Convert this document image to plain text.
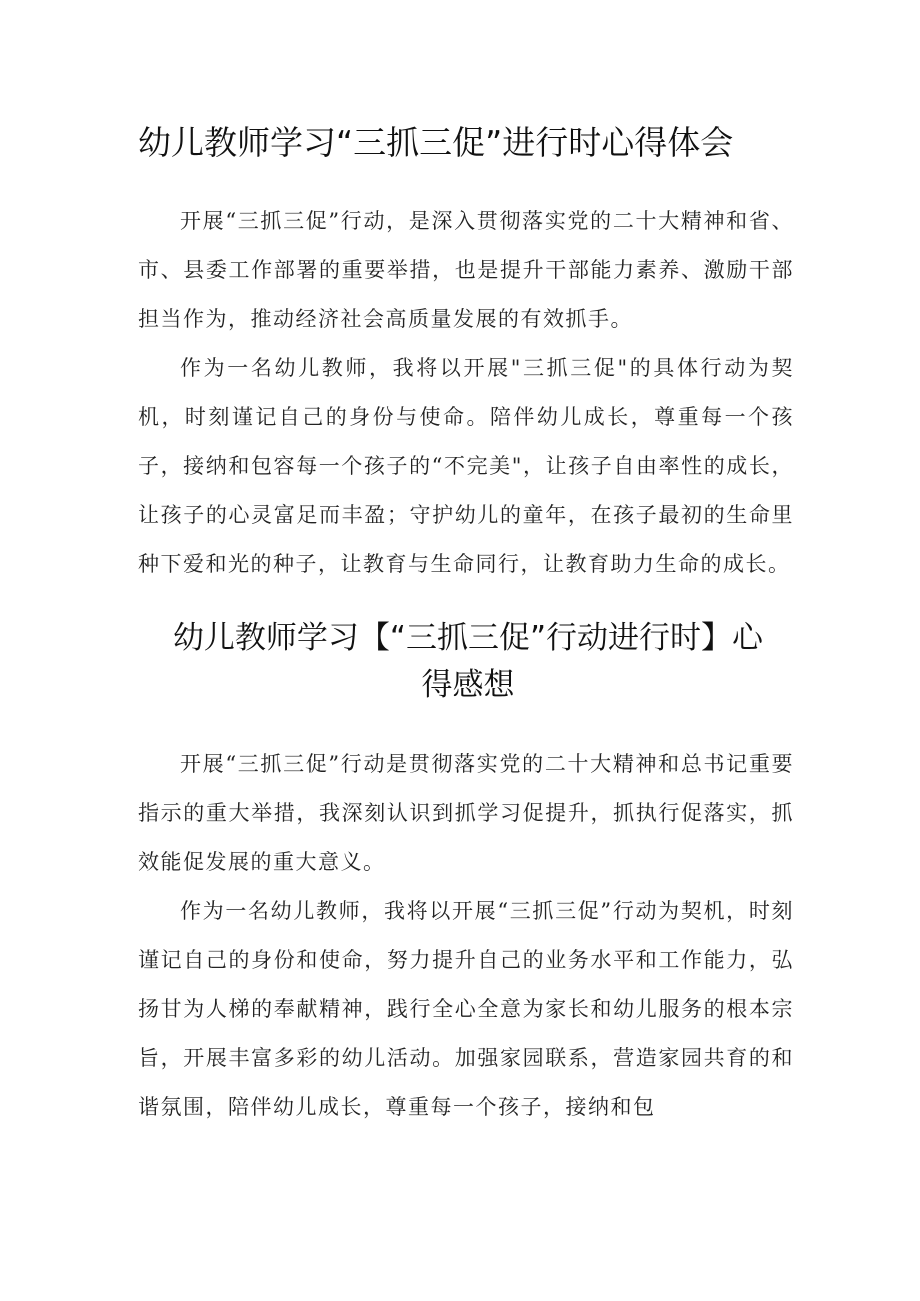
幼儿教师学习“三抓三促”进行时心得体会

开展“三抓三促”行动，是深入贯彻落实党的二十大精神和省、市、县委工作部署的重要举措，也是提升干部能力素养、激励干部担当作为，推动经济社会高质量发展的有效抓手。

作为一名幼儿教师，我将以开展"三抓三促"的具体行动为契机，时刻谨记自己的身份与使命。陪伴幼儿成长，尊重每一个孩子，接纳和包容每一个孩子的“不完美"，让孩子自由率性的成长，让孩子的心灵富足而丰盈；守护幼儿的童年，在孩子最初的生命里种下爱和光的种子，让教育与生命同行，让教育助力生命的成长。

幼儿教师学习【“三抓三促”行动进行时】心
得感想

开展“三抓三促”行动是贯彻落实党的二十大精神和总书记重要指示的重大举措，我深刻认识到抓学习促提升，抓执行促落实，抓效能促发展的重大意义。

作为一名幼儿教师，我将以开展“三抓三促”行动为契机，时刻谨记自己的身份和使命，努力提升自己的业务水平和工作能力，弘扬甘为人梯的奉献精神，践行全心全意为家长和幼儿服务的根本宗旨，开展丰富多彩的幼儿活动。加强家园联系，营造家园共育的和谐氛围，陪伴幼儿成长，尊重每一个孩子，接纳和包
